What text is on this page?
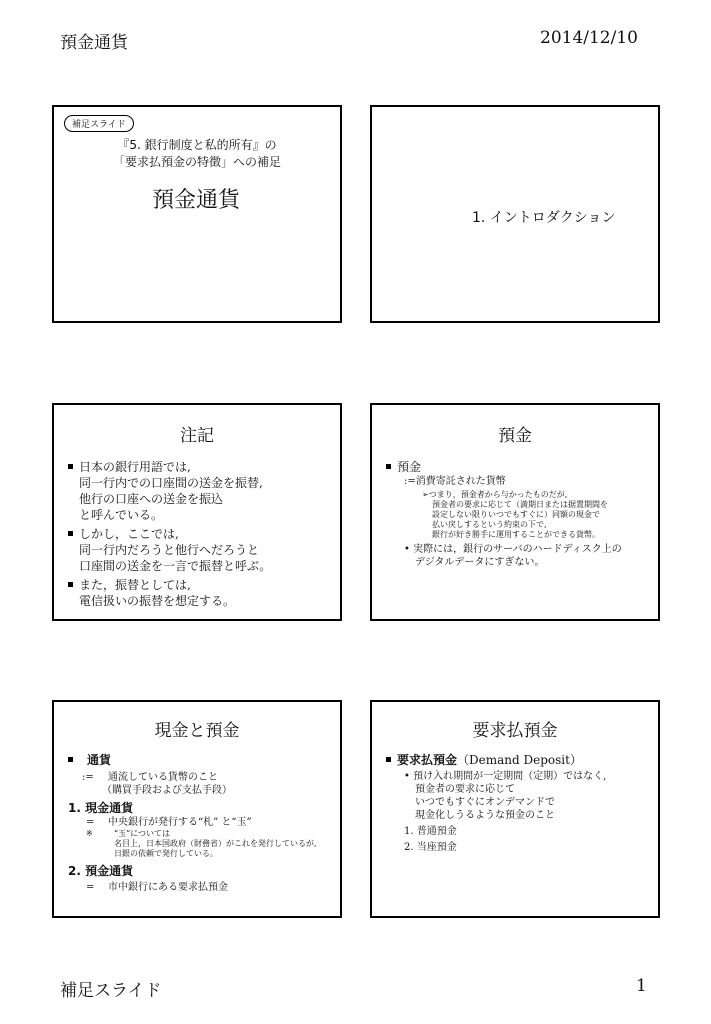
預金通貨	2014/12/10
補足スライド
『5. 銀行制度と私的所有』の
「要求払預金の特徴」への補足
預金通貨
1. イントロダクション
注記
日本の銀行用語では,
同一行内での口座間の送金を振替,
他行の口座への送金を振込
と呼んでいる。
しかし，ここでは,
同一行内だろうと他行へだろうと
口座間の送金を一言で振替と呼ぶ。
また，振替としては,
電信扱いの振替を想定する。
預金
預金
:=消費寄託された貨幣
➢つまり，預金者から与かったものだが,
預金者の要求に応じて（満期日または据置期間を
設定しない限りいつでもすぐに）同額の現金で
払い戻しするという約束の下で,
銀行が好き勝手に運用することができる貨幣。
• 実際には，銀行のサーバのハードディスク上の
デジタルデータにすぎない。
現金と預金
通貨
:= 通流している貨幣のこと
（購買手段および支払手段）
1. 現金通貨
= 中央銀行が発行する“札” と“玉”
※	“玉”については
名目上，日本国政府（財務省）がこれを発行しているが,
日銀の依頼で発行している。
2. 預金通貨
= 市中銀行にある要求払預金
要求払預金
要求払預金（Demand Deposit）
• 預け入れ期間が一定期間（定期）ではなく,
預金者の要求に応じて
いつでもすぐにオンデマンドで
現金化しうるような預金のこと
1. 普通預金
2. 当座預金
補足スライド	1
